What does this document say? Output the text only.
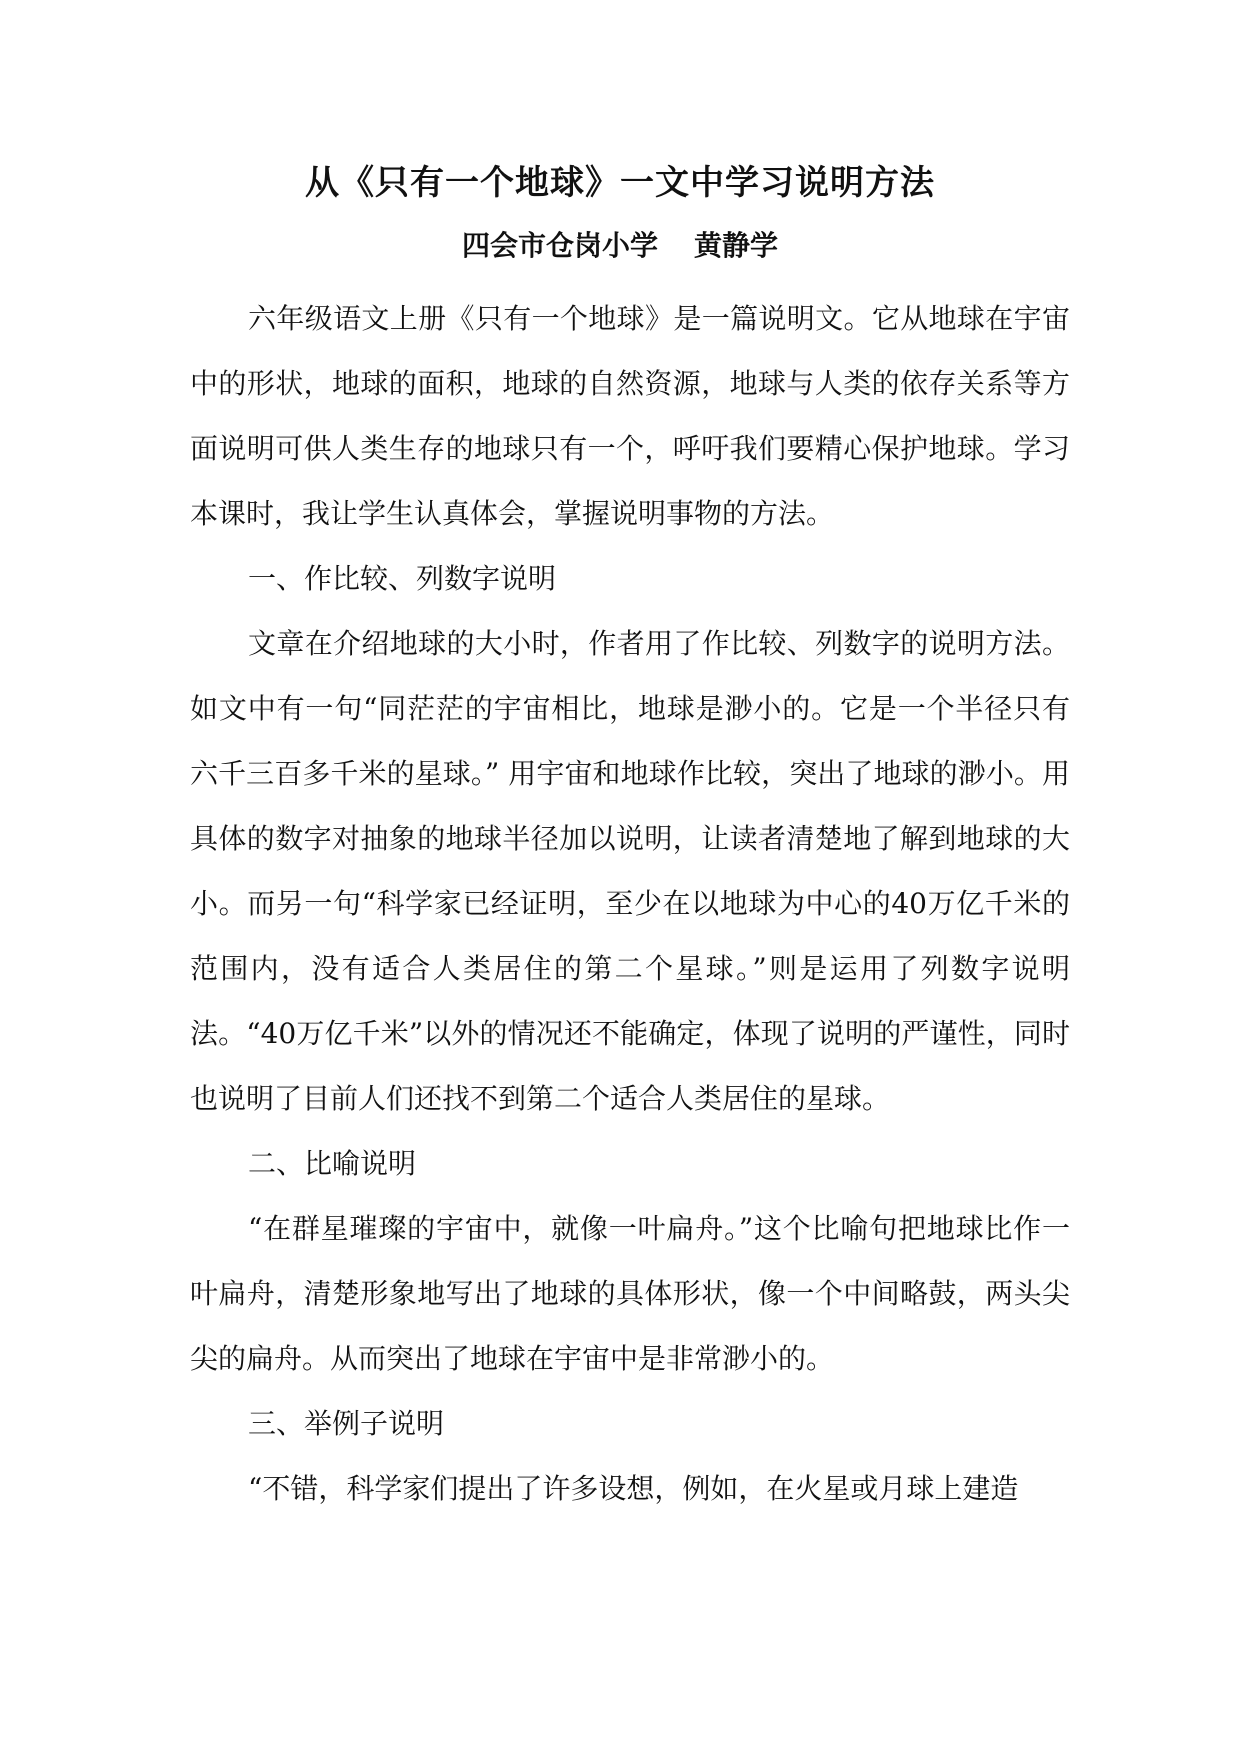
从《只有一个地球》一文中学习说明方法
四会市仓岗小学 黄静学

六年级语文上册《只有一个地球》是一篇说明文。它从地球在宇宙中的形状，地球的面积，地球的自然资源，地球与人类的依存关系等方面说明可供人类生存的地球只有一个，呼吁我们要精心保护地球。学习本课时，我让学生认真体会，掌握说明事物的方法。

一、作比较、列数字说明

文章在介绍地球的大小时，作者用了作比较、列数字的说明方法。如文中有一句“同茫茫的宇宙相比，地球是渺小的。它是一个半径只有六千三百多千米的星球。” 用宇宙和地球作比较，突出了地球的渺小。用具体的数字对抽象的地球半径加以说明，让读者清楚地了解到地球的大小。而另一句“科学家已经证明，至少在以地球为中心的40万亿千米的范围内，没有适合人类居住的第二个星球。”则是运用了列数字说明法。“40万亿千米”以外的情况还不能确定，体现了说明的严谨性，同时也说明了目前人们还找不到第二个适合人类居住的星球。

二、比喻说明

“在群星璀璨的宇宙中，就像一叶扁舟。”这个比喻句把地球比作一叶扁舟，清楚形象地写出了地球的具体形状，像一个中间略鼓，两头尖尖的扁舟。从而突出了地球在宇宙中是非常渺小的。

三、举例子说明

“不错，科学家们提出了许多设想，例如，在火星或月球上建造
